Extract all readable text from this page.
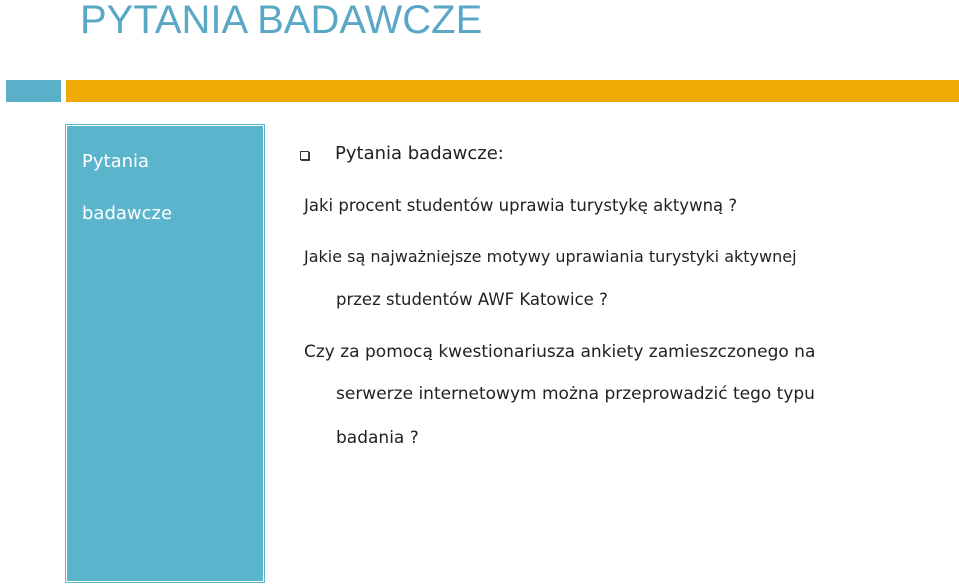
PYTANIA BADAWCZE

Pytania

badawcze

Pytania badawcze:

Jaki procent studentów uprawia turystykę aktywną ?

Jakie są najważniejsze motywy uprawiania turystyki aktywnej

przez studentów AWF Katowice ?

Czy za pomocą kwestionariusza ankiety zamieszczonego na

serwerze internetowym można przeprowadzić tego typu

badania ?
